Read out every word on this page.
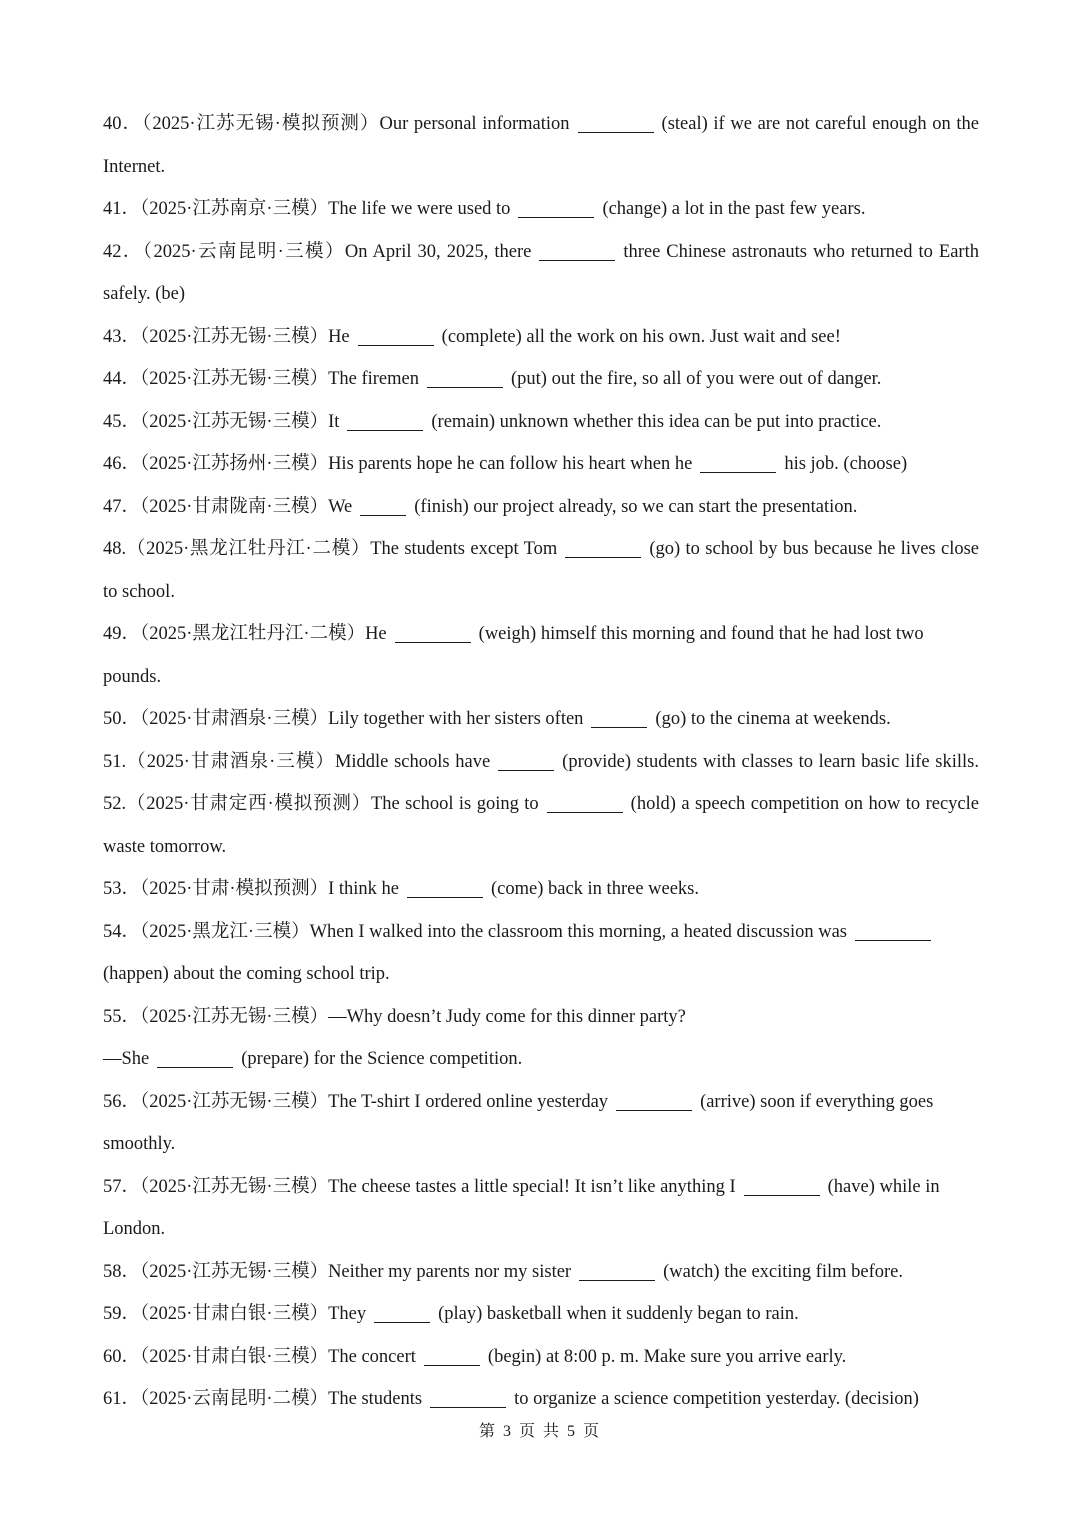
40．（2025·江苏无锡·模拟预测）Our personal information	(steal) if we are not careful enough on the
Internet.
41．（2025·江苏南京·三模）The life we were used to	(change) a lot in the past few years.
42．（2025·云南昆明·三模）On April 30, 2025, there	three Chinese astronauts who returned to Earth
safely. (be)
43．（2025·江苏无锡·三模）He	(complete) all the work on his own. Just wait and see!
44．（2025·江苏无锡·三模）The firemen	(put) out the fire, so all of you were out of danger.
45．（2025·江苏无锡·三模）It	(remain) unknown whether this idea can be put into practice.
46．（2025·江苏扬州·三模）His parents hope he can follow his heart when he	his job. (choose)
47．（2025·甘肃陇南·三模）We	(finish) our project already, so we can start the presentation.
48.（2025·黑龙江牡丹江·二模）The students except Tom	(go) to school by bus because he lives close
to school.
49．（2025·黑龙江牡丹江·二模）He	(weigh) himself this morning and found that he had lost two
pounds.
50．（2025·甘肃酒泉·三模）Lily together with her sisters often	(go) to the cinema at weekends.
51.（2025·甘肃酒泉·三模）Middle schools have	(provide) students with classes to learn basic life skills.
52.（2025·甘肃定西·模拟预测）The school is going to	(hold) a speech competition on how to recycle
waste tomorrow.
53．（2025·甘肃·模拟预测）I think he	(come) back in three weeks.
54．（2025·黑龙江·三模）When I walked into the classroom this morning, a heated discussion was
(happen) about the coming school trip.
55．（2025·江苏无锡·三模）—Why doesn’t Judy come for this dinner party?
—She	(prepare) for the Science competition.
56．（2025·江苏无锡·三模）The T-shirt I ordered online yesterday	(arrive) soon if everything goes
smoothly.
57．（2025·江苏无锡·三模）The cheese tastes a little special! It isn’t like anything I	(have) while in
London.
58．（2025·江苏无锡·三模）Neither my parents nor my sister	(watch) the exciting film before.
59．（2025·甘肃白银·三模）They	(play) basketball when it suddenly began to rain.
60．（2025·甘肃白银·三模）The concert	(begin) at 8:00 p. m. Make sure you arrive early.
61．（2025·云南昆明·二模）The students	to organize a science competition yesterday. (decision)
第 3 页 共 5 页
